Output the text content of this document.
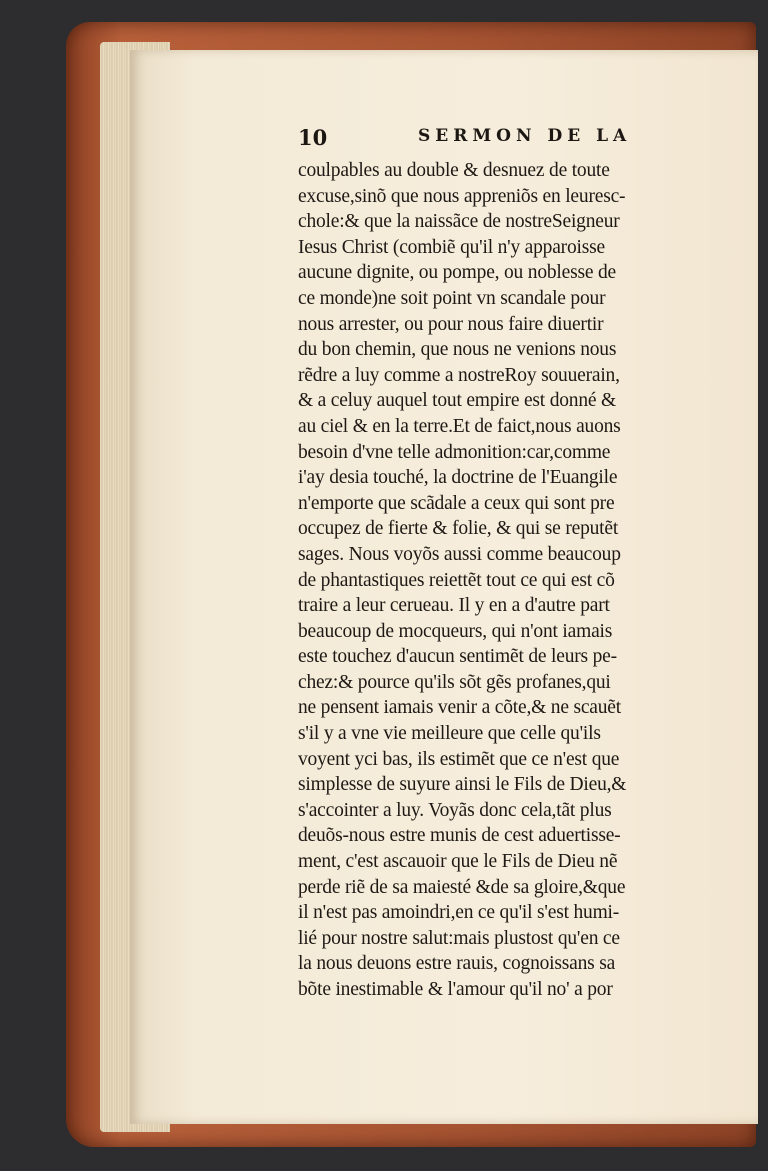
10	SERMON DE LA
coulpables au double & desnuez de toute
excuse,sinõ que nous appreniõs en leuresc-
chole:& que la naissãce de nostreSeigneur
Iesus Christ (combiẽ qu'il n'y apparoisse
aucune dignite, ou pompe, ou noblesse de
ce monde)ne soit point vn scandale pour
nous arrester, ou pour nous faire diuertir
du bon chemin, que nous ne venions nous
rẽdre a luy comme a nostreRoy souuerain,
& a celuy auquel tout empire est donné &
au ciel & en la terre.Et de faict,nous auons
besoin d'vne telle admonition:car,comme
i'ay desia touché, la doctrine de l'Euangile
n'emporte que scãdale a ceux qui sont pre
occupez de fierte & folie, & qui se reputẽt
sages. Nous voyõs aussi comme beaucoup
de phantastiques reiettẽt tout ce qui est cõ
traire a leur cerueau. Il y en a d'autre part
beaucoup de mocqueurs, qui n'ont iamais
este touchez d'aucun sentimẽt de leurs pe-
chez:& pource qu'ils sõt gẽs profanes,qui
ne pensent iamais venir a cõte,& ne scauẽt
s'il y a vne vie meilleure que celle qu'ils
voyent yci bas, ils estimẽt que ce n'est que
simplesse de suyure ainsi le Fils de Dieu,&
s'accointer a luy. Voyãs donc cela,tãt plus
deuõs-nous estre munis de cest aduertisse-
ment, c'est ascauoir que le Fils de Dieu nẽ
perde riẽ de sa maiesté &de sa gloire,&que
il n'est pas amoindri,en ce qu'il s'est humi-
lié pour nostre salut:mais plustost qu'en ce
la nous deuons estre rauis, cognoissans sa
bõte inestimable & l'amour qu'il no' a por
